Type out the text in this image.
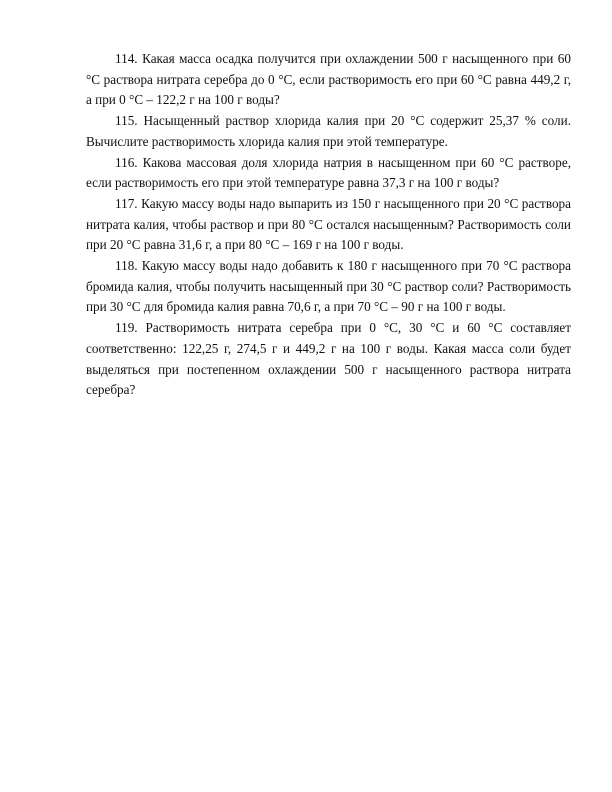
114. Какая масса осадка получится при охлаждении 500 г насыщенного при 60 °С раствора нитрата серебра до 0 °С, если растворимость его при 60 °С равна 449,2 г, а при 0 °С – 122,2 г на 100 г воды?

115. Насыщенный раствор хлорида калия при 20 °С содержит 25,37 % соли. Вычислите растворимость хлорида калия при этой температуре.

116. Какова массовая доля хлорида натрия в насыщенном при 60 °С растворе, если растворимость его при этой температуре равна 37,3 г на 100 г воды?

117. Какую массу воды надо выпарить из 150 г насыщенного при 20 °С раствора нитрата калия, чтобы раствор и при 80 °С остался насыщенным? Растворимость соли при 20 °С равна 31,6 г, а при 80 °С – 169 г на 100 г воды.

118. Какую массу воды надо добавить к 180 г насыщенного при 70 °С раствора бромида калия, чтобы получить насыщенный при 30 °С раствор соли? Растворимость при 30 °С для бромида калия равна 70,6 г, а при 70 °С – 90 г на 100 г воды.

119. Растворимость нитрата серебра при 0 °С, 30 °С и 60 °С составляет соответственно: 122,25 г, 274,5 г и 449,2 г на 100 г воды. Какая масса соли будет выделяться при постепенном охлаждении 500 г насыщенного раствора нитрата серебра?
